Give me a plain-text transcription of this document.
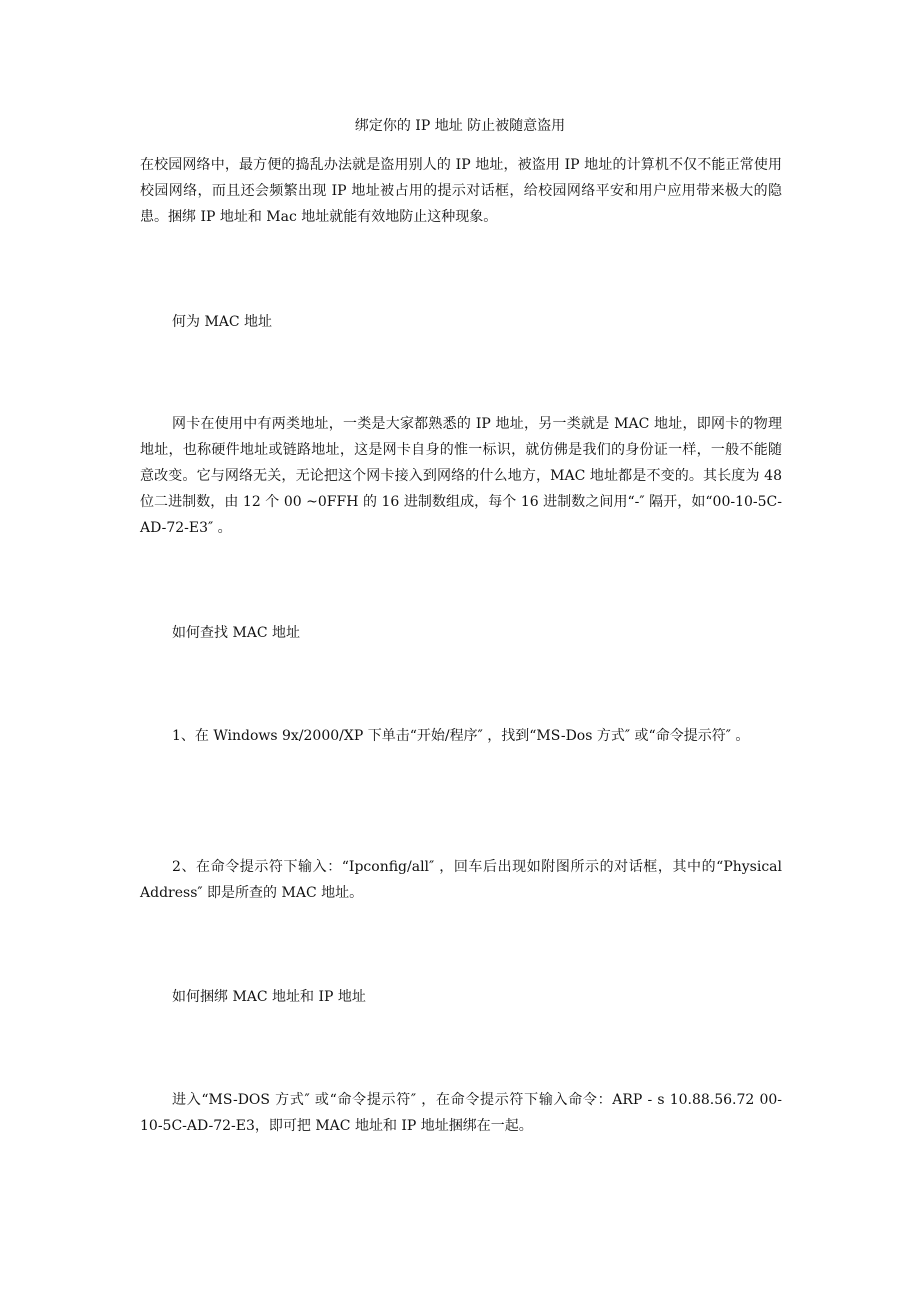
绑定你的 IP 地址 防止被随意盗用

在校园网络中，最方便的捣乱办法就是盗用别人的 IP 地址，被盗用 IP 地址的计算机不仅不能正常使用校园网络，而且还会频繁出现 IP 地址被占用的提示对话框，给校园网络平安和用户应用带来极大的隐患。捆绑 IP 地址和 Mac 地址就能有效地防止这种现象。

何为 MAC 地址

网卡在使用中有两类地址，一类是大家都熟悉的 IP 地址，另一类就是 MAC 地址，即网卡的物理地址，也称硬件地址或链路地址，这是网卡自身的惟一标识，就仿佛是我们的身份证一样，一般不能随意改变。它与网络无关，无论把这个网卡接入到网络的什么地方，MAC 地址都是不变的。其长度为 48 位二进制数，由 12 个 00 ~0FFH 的 16 进制数组成，每个 16 进制数之间用“-″ 隔开，如“00-10-5C-AD-72-E3″ 。

如何查找 MAC 地址

1、在 Windows 9x/2000/XP 下单击“开始/程序″ ，找到“MS-Dos 方式″ 或“命令提示符″ 。

2、在命令提示符下输入：“Ipconfig/all″ ，回车后出现如附图所示的对话框，其中的“Physical Address″ 即是所查的 MAC 地址。

如何捆绑 MAC 地址和 IP 地址

进入“MS-DOS 方式″ 或“命令提示符″ ，在命令提示符下输入命令：ARP - s 10.88.56.72 00-10-5C-AD-72-E3，即可把 MAC 地址和 IP 地址捆绑在一起。
